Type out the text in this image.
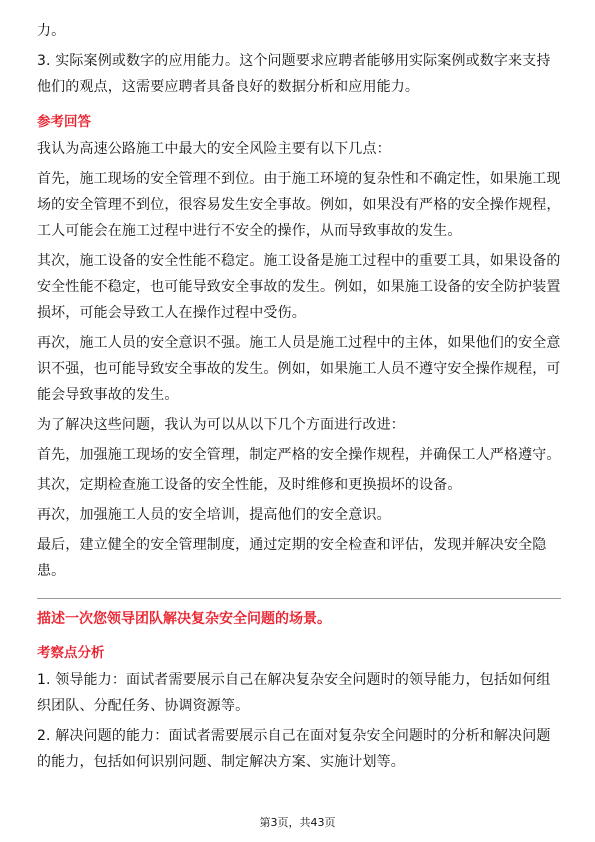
力。
3. 实际案例或数字的应用能力。这个问题要求应聘者能够用实际案例或数字来支持他们的观点，这需要应聘者具备良好的数据分析和应用能力。
参考回答
我认为高速公路施工中最大的安全风险主要有以下几点：
首先，施工现场的安全管理不到位。由于施工环境的复杂性和不确定性，如果施工现场的安全管理不到位，很容易发生安全事故。例如，如果没有严格的安全操作规程，工人可能会在施工过程中进行不安全的操作，从而导致事故的发生。
其次，施工设备的安全性能不稳定。施工设备是施工过程中的重要工具，如果设备的安全性能不稳定，也可能导致安全事故的发生。例如，如果施工设备的安全防护装置损坏，可能会导致工人在操作过程中受伤。
再次，施工人员的安全意识不强。施工人员是施工过程中的主体，如果他们的安全意识不强，也可能导致安全事故的发生。例如，如果施工人员不遵守安全操作规程，可能会导致事故的发生。
为了解决这些问题，我认为可以从以下几个方面进行改进：
首先，加强施工现场的安全管理，制定严格的安全操作规程，并确保工人严格遵守。
其次，定期检查施工设备的安全性能，及时维修和更换损坏的设备。
再次，加强施工人员的安全培训，提高他们的安全意识。
最后，建立健全的安全管理制度，通过定期的安全检查和评估，发现并解决安全隐患。
描述一次您领导团队解决复杂安全问题的场景。
考察点分析
1. 领导能力：面试者需要展示自己在解决复杂安全问题时的领导能力，包括如何组织团队、分配任务、协调资源等。
2. 解决问题的能力：面试者需要展示自己在面对复杂安全问题时的分析和解决问题的能力，包括如何识别问题、制定解决方案、实施计划等。
第3页，共43页
